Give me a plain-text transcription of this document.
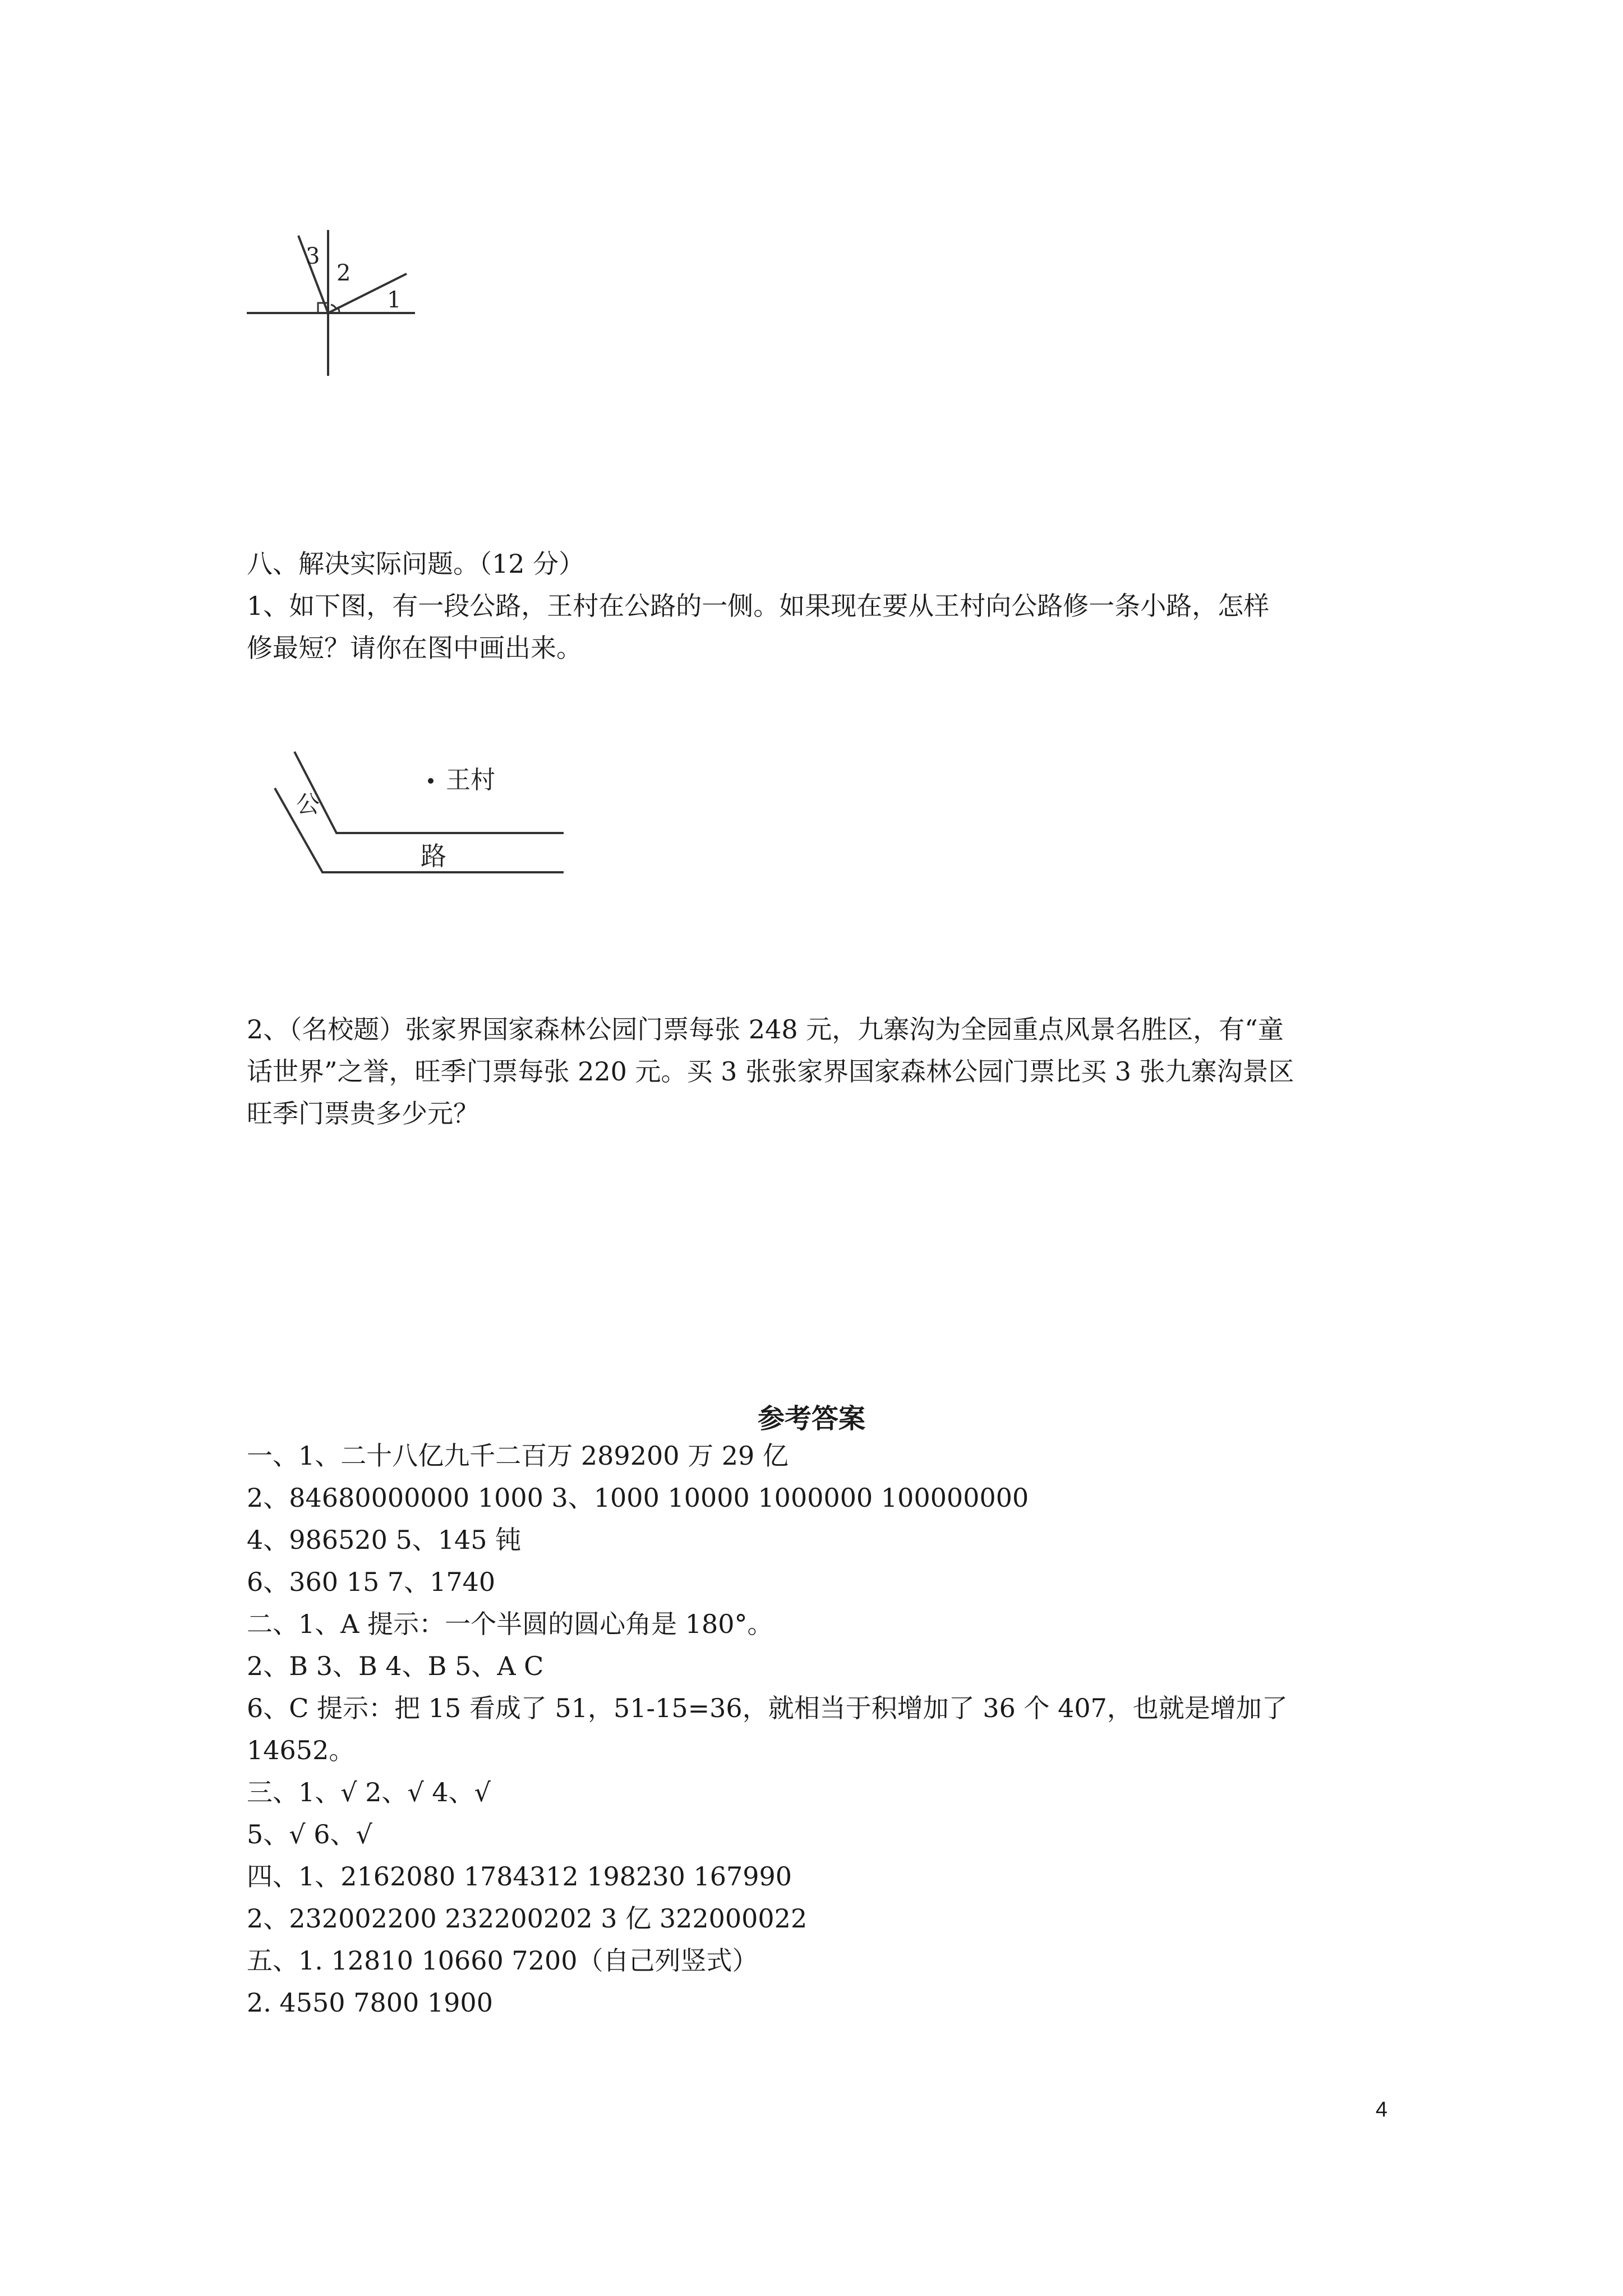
3
2
1
八、解决实际问题。（12 分）
1、如下图，有一段公路，王村在公路的一侧。如果现在要从王村向公路修一条小路，怎样
修最短？请你在图中画出来。
王村
公
路
2、（名校题）张家界国家森林公园门票每张 248 元，九寨沟为全园重点风景名胜区，有“童
话世界”之誉，旺季门票每张 220 元。买 3 张张家界国家森林公园门票比买 3 张九寨沟景区
旺季门票贵多少元？
参考答案
一、1、二十八亿九千二百万 289200 万 29 亿
2、84680000000 1000 3、1000 10000 1000000 100000000
4、986520 5、145 钝
6、360 15 7、1740
二、1、A 提示：一个半圆的圆心角是 180°。
2、B 3、B 4、B 5、A C
6、C 提示：把 15 看成了 51，51-15=36，就相当于积增加了 36 个 407，也就是增加了
14652。
三、1、√ 2、√ 4、√
5、√ 6、√
四、1、2162080 1784312 198230 167990
2、232002200 232200202 3 亿 322000022
五、1. 12810 10660 7200（自己列竖式）
2. 4550 7800 1900
4
